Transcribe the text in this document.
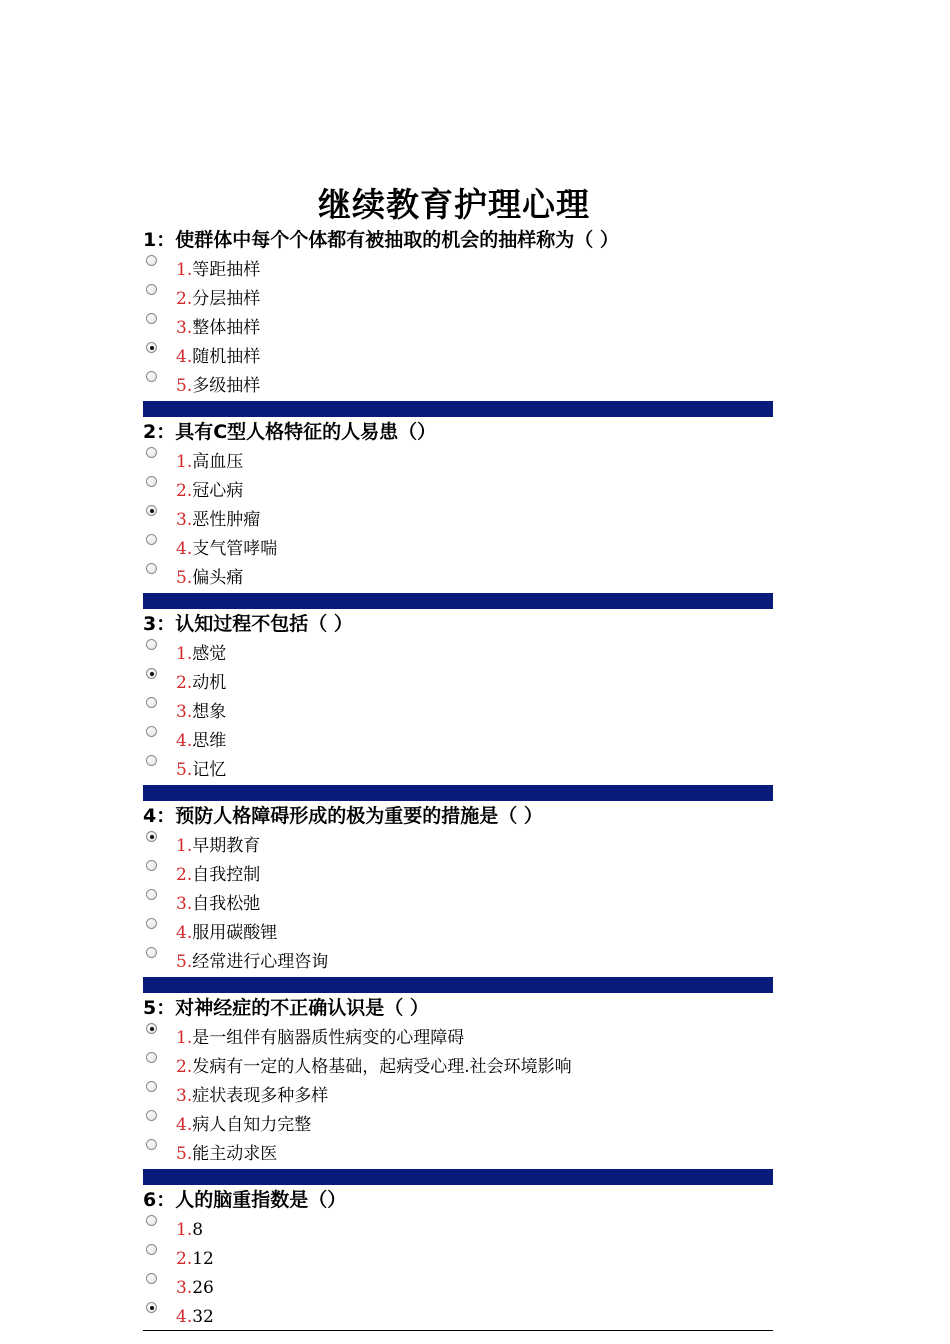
继续教育护理心理
1：使群体中每个个体都有被抽取的机会的抽样称为（ ）
1.等距抽样
2.分层抽样
3.整体抽样
4.随机抽样
5.多级抽样
2：具有C型人格特征的人易患（）
1.高血压
2.冠心病
3.恶性肿瘤
4.支气管哮喘
5.偏头痛
3：认知过程不包括（ ）
1.感觉
2.动机
3.想象
4.思维
5.记忆
4：预防人格障碍形成的极为重要的措施是（ ）
1.早期教育
2.自我控制
3.自我松弛
4.服用碳酸锂
5.经常进行心理咨询
5：对神经症的不正确认识是（ ）
1.是一组伴有脑器质性病变的心理障碍
2.发病有一定的人格基础，起病受心理.社会环境影响
3.症状表现多种多样
4.病人自知力完整
5.能主动求医
6：人的脑重指数是（）
1.8
2.12
3.26
4.32
